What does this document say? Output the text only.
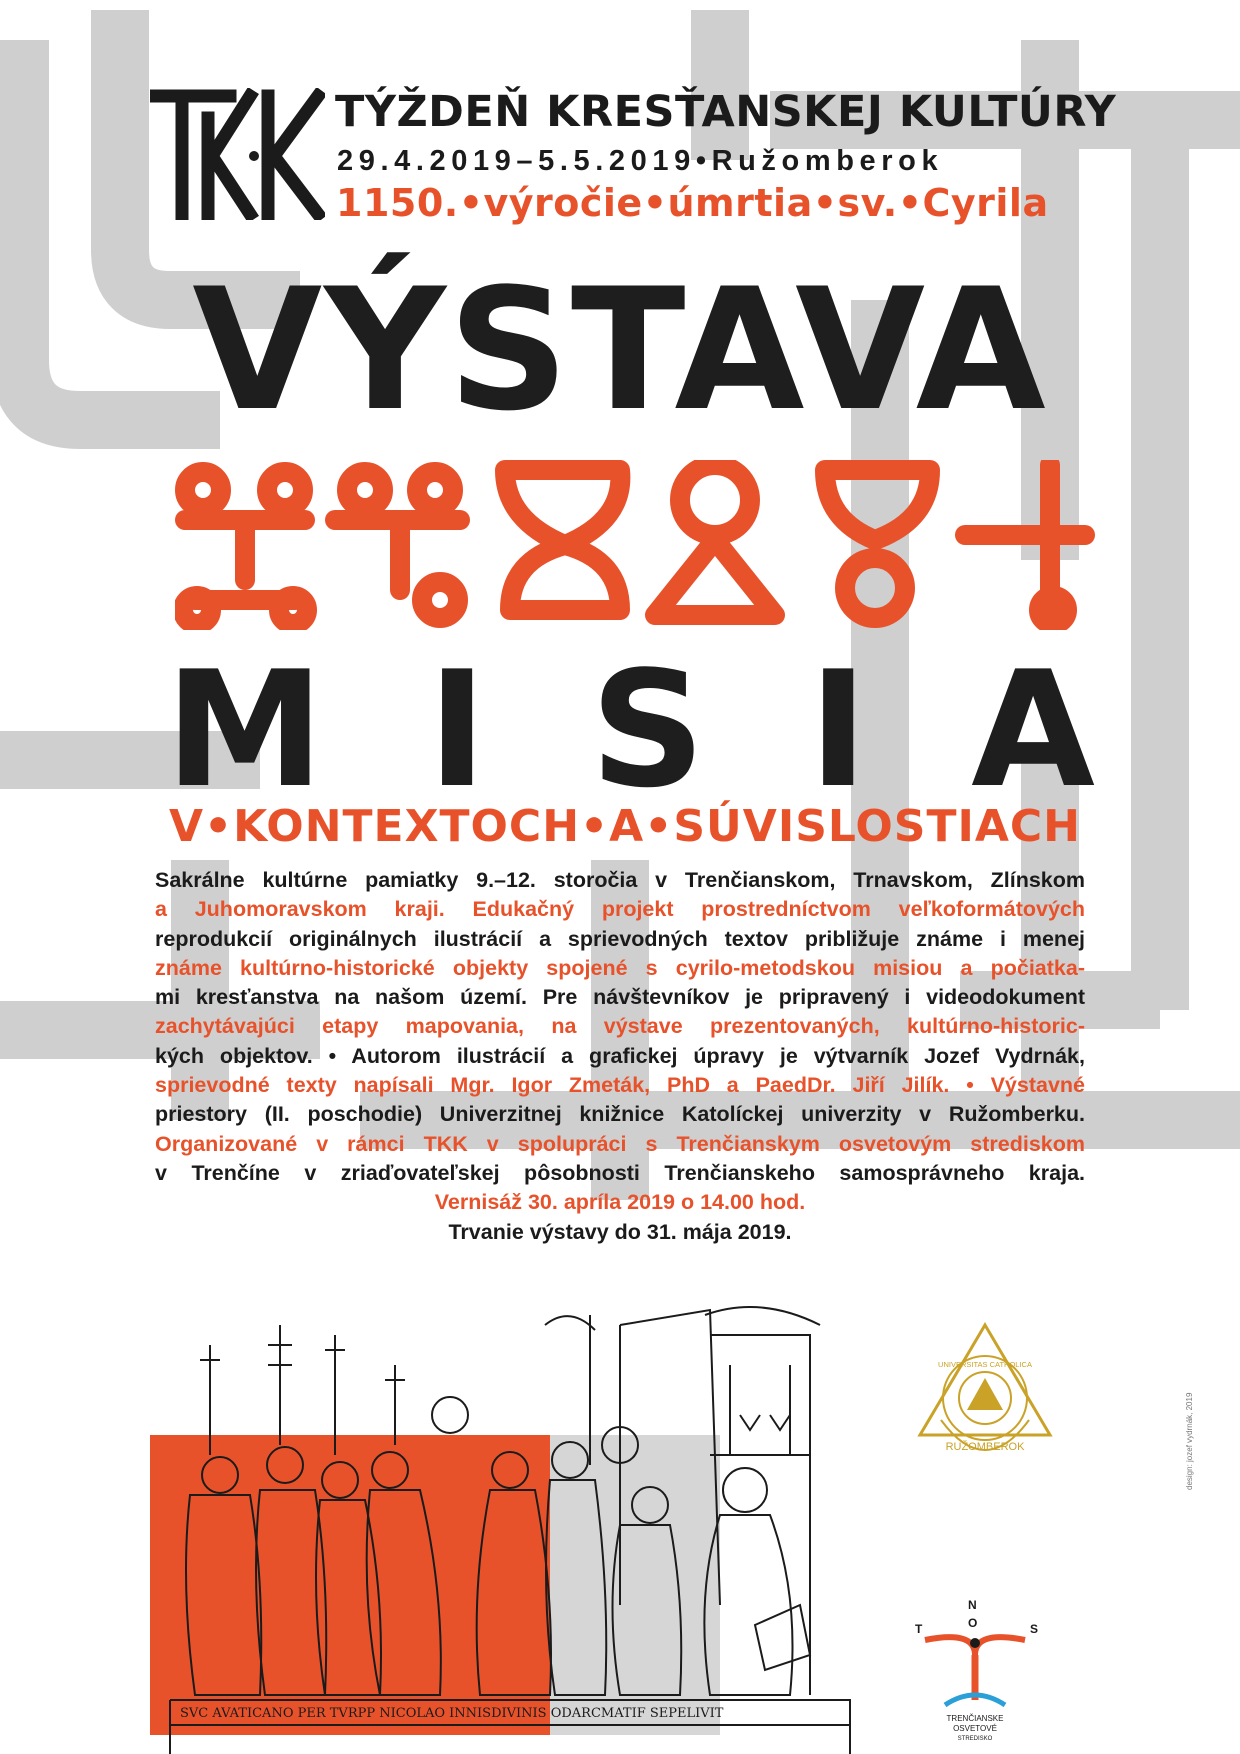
TÝŽDEŇ KRESŤANSKEJ KULTÚRY
29.4.2019–5.5.2019•Ružomberok
1150.•výročie•úmrtia•sv.•Cyrila
VÝSTAVA
M I S I A
V•KONTEXTOCH•A•SÚVISLOSTIACH
Sakrálne kultúrne pamiatky 9.–12. storočia v Trenčianskom, Trnavskom, Zlínskom
a Juhomoravskom kraji. Edukačný projekt prostredníctvom veľkoformátových
reprodukcií originálnych ilustrácií a sprievodných textov približuje známe i menej
známe kultúrno-historické objekty spojené s cyrilo-metodskou misiou a počiatka-
mi kresťanstva na našom území. Pre návštevníkov je pripravený i videodokument
zachytávajúci etapy mapovania, na výstave prezentovaných, kultúrno-historic-
kých objektov. • Autorom ilustrácií a grafickej úpravy je výtvarník Jozef Vydrnák,
sprievodné texty napísali Mgr. Igor Zmeták, PhD a PaedDr. Jiří Jilík. • Výstavné
priestory (II. poschodie) Univerzitnej knižnice Katolíckej univerzity v Ružomberku.
Organizované v rámci TKK v spolupráci s Trenčianskym osvetovým strediskom
v Trenčíne v zriaďovateľskej pôsobnosti Trenčianskeho samosprávneho kraja.
Vernisáž 30. apríla 2019 o 14.00 hod.
Trvanie výstavy do 31. mája 2019.
SVC AVATICANO PER TVRPP NICOLAO INNISDIVINIS ODARCMATIF SEPELIVIT
RUŽOMBEROK
UNIVERSITAS CATHOLICA
N
O
T	S
TRENČIANSKE
OSVETOVÉ
STREDISKO
design: jozef vydrnák, 2019
